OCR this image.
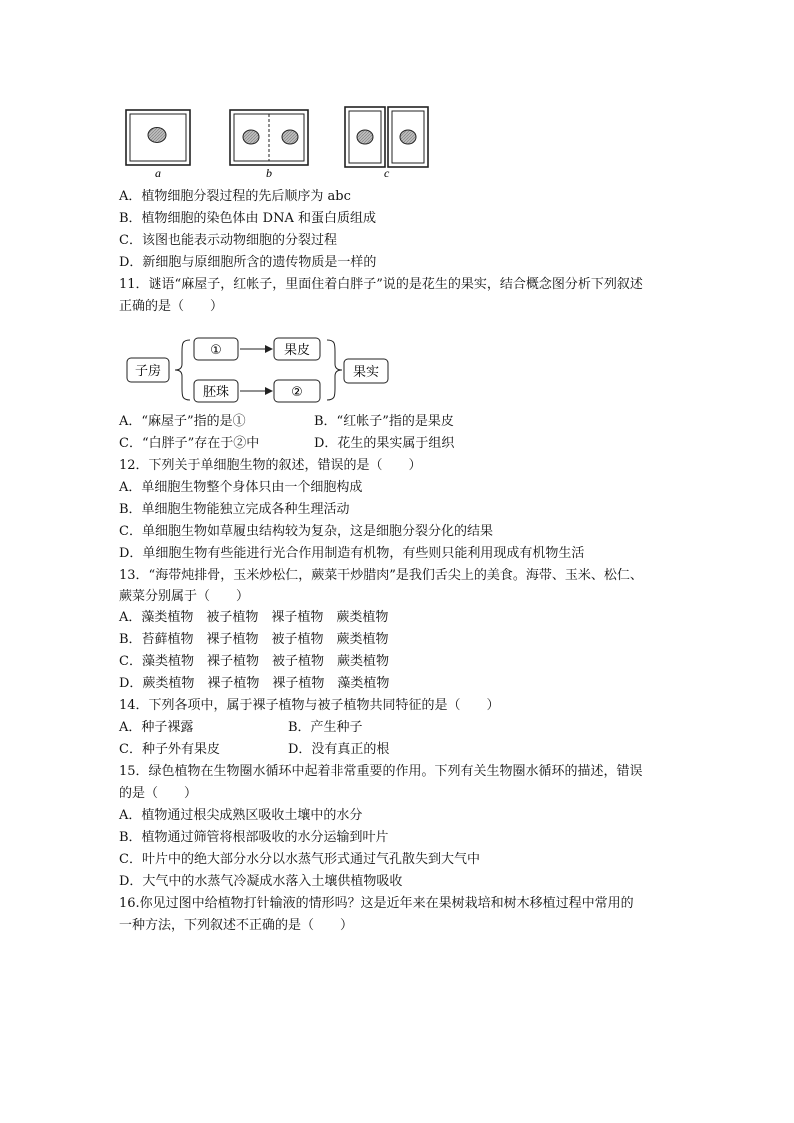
a	b	c
A．植物细胞分裂过程的先后顺序为 abc
B．植物细胞的染色体由 DNA 和蛋白质组成
C．该图也能表示动物细胞的分裂过程
D．新细胞与原细胞所含的遗传物质是一样的
11．谜语“麻屋子，红帐子，里面住着白胖子”说的是花生的果实，结合概念图分析下列叙述
正确的是（　　）
子房
①	果皮
胚珠	②
果实
A．“麻屋子”指的是①	B．“红帐子”指的是果皮
C．“白胖子”存在于②中	D．花生的果实属于组织
12．下列关于单细胞生物的叙述，错误的是（　　）
A．单细胞生物整个身体只由一个细胞构成
B．单细胞生物能独立完成各种生理活动
C．单细胞生物如草履虫结构较为复杂，这是细胞分裂分化的结果
D．单细胞生物有些能进行光合作用制造有机物，有些则只能利用现成有机物生活
13．“海带炖排骨，玉米炒松仁，蕨菜干炒腊肉”是我们舌尖上的美食。海带、玉米、松仁、
蕨菜分别属于（　　）
A．藻类植物　被子植物　裸子植物　蕨类植物
B．苔藓植物　裸子植物　被子植物　蕨类植物
C．藻类植物　裸子植物　被子植物　蕨类植物
D．蕨类植物　裸子植物　裸子植物　藻类植物
14．下列各项中，属于裸子植物与被子植物共同特征的是（　　）
A．种子裸露	B．产生种子
C．种子外有果皮	D．没有真正的根
15．绿色植物在生物圈水循环中起着非常重要的作用。下列有关生物圈水循环的描述，错误
的是（　　）
A．植物通过根尖成熟区吸收土壤中的水分
B．植物通过筛管将根部吸收的水分运输到叶片
C．叶片中的绝大部分水分以水蒸气形式通过气孔散失到大气中
D．大气中的水蒸气冷凝成水落入土壤供植物吸收
16.你见过图中给植物打针输液的情形吗？这是近年来在果树栽培和树木移植过程中常用的
一种方法，下列叙述不正确的是（　　）
